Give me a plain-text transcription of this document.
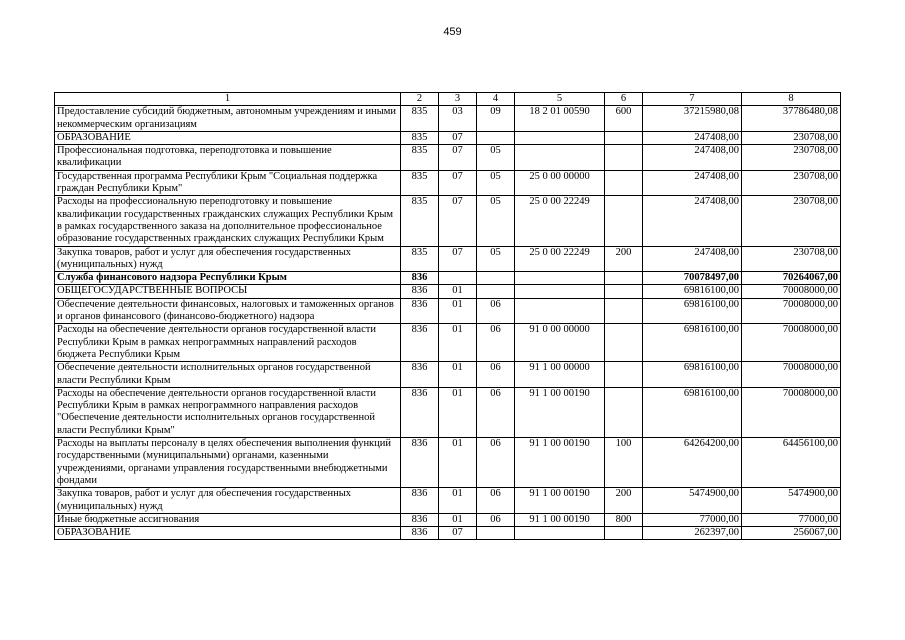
459
1	2	3	4	5	6	7	8
Предоставление субсидий бюджетным, автономным учреждениям и иными некоммерческим организациям	835	03	09	18 2 01 00590	600	37215980,08	37786480,08
ОБРАЗОВАНИЕ	835	07				247408,00	230708,00
Профессиональная подготовка, переподготовка и повышение квалификации	835	07	05			247408,00	230708,00
Государственная программа Республики Крым "Социальная поддержка граждан Республики Крым"	835	07	05	25 0 00 00000		247408,00	230708,00
Расходы на профессиональную переподготовку и повышение квалификации государственных гражданских служащих Республики Крым в рамках государственного заказа на дополнительное профессиональное образование государственных гражданских служащих Республики Крым	835	07	05	25 0 00 22249		247408,00	230708,00
Закупка товаров, работ и услуг для обеспечения государственных (муниципальных) нужд	835	07	05	25 0 00 22249	200	247408,00	230708,00
Служба финансового надзора Республики Крым	836					70078497,00	70264067,00
ОБЩЕГОСУДАРСТВЕННЫЕ ВОПРОСЫ	836	01				69816100,00	70008000,00
Обеспечение деятельности финансовых, налоговых и таможенных органов и органов финансового (финансово-бюджетного) надзора	836	01	06			69816100,00	70008000,00
Расходы на обеспечение деятельности органов государственной власти Республики Крым в рамках непрограммных направлений расходов бюджета Республики Крым	836	01	06	91 0 00 00000		69816100,00	70008000,00
Обеспечение деятельности исполнительных органов государственной власти Республики Крым	836	01	06	91 1 00 00000		69816100,00	70008000,00
Расходы на обеспечение деятельности органов государственной власти Республики Крым в рамках непрограммного направления расходов "Обеспечение деятельности исполнительных органов государственной власти Республики Крым"	836	01	06	91 1 00 00190		69816100,00	70008000,00
Расходы на выплаты персоналу в целях обеспечения выполнения функций государственными (муниципальными) органами, казенными учреждениями, органами управления государственными внебюджетными фондами	836	01	06	91 1 00 00190	100	64264200,00	64456100,00
Закупка товаров, работ и услуг для обеспечения государственных (муниципальных) нужд	836	01	06	91 1 00 00190	200	5474900,00	5474900,00
Иные бюджетные ассигнования	836	01	06	91 1 00 00190	800	77000,00	77000,00
ОБРАЗОВАНИЕ	836	07				262397,00	256067,00
